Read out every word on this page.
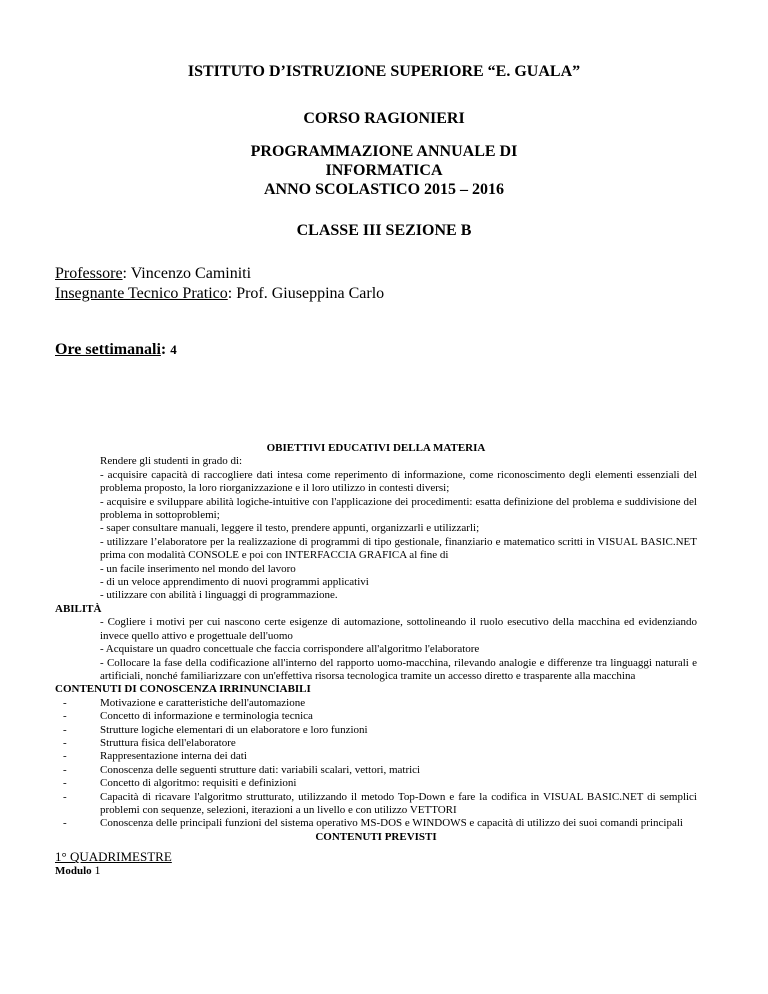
ISTITUTO D’ISTRUZIONE SUPERIORE “E. GUALA”
CORSO RAGIONIERI
PROGRAMMAZIONE ANNUALE DI
INFORMATICA
ANNO SCOLASTICO 2015 – 2016
CLASSE III SEZIONE B
Professore: Vincenzo Caminiti
Insegnante Tecnico Pratico: Prof. Giuseppina Carlo
Ore settimanali: 4
OBIETTIVI EDUCATIVI DELLA MATERIA
Rendere gli studenti in grado di:
- acquisire capacità di raccogliere dati intesa come reperimento di informazione, come riconoscimento degli elementi essenziali del problema proposto, la loro riorganizzazione e il loro utilizzo in contesti diversi;
- acquisire e sviluppare abilità logiche-intuitive con l'applicazione dei procedimenti: esatta definizione del problema e suddivisione del problema in sottoproblemi;
- saper consultare manuali, leggere il testo, prendere appunti, organizzarli e utilizzarli;
- utilizzare l’elaboratore per la realizzazione di programmi di tipo gestionale, finanziario e matematico scritti in VISUAL BASIC.NET prima con modalità CONSOLE e poi con INTERFACCIA GRAFICA al fine di
- un facile inserimento nel mondo del lavoro
- di un veloce apprendimento di nuovi programmi applicativi
- utilizzare con abilità i linguaggi di programmazione.
ABILITÀ
- Cogliere i motivi per cui nascono certe esigenze di automazione, sottolineando il ruolo esecutivo della macchina ed evidenziando invece quello attivo e progettuale dell'uomo
- Acquistare un quadro concettuale che faccia corrispondere all'algoritmo l'elaboratore
- Collocare la fase della codificazione all'interno del rapporto uomo-macchina, rilevando analogie e differenze tra linguaggi naturali e artificiali, nonché familiarizzare con un'effettiva risorsa tecnologica tramite un accesso diretto e trasparente alla macchina
CONTENUTI DI CONOSCENZA IRRINUNCIABILI
-	Motivazione e caratteristiche dell'automazione
-	Concetto di informazione e terminologia tecnica
-	Strutture logiche elementari di un elaboratore e loro funzioni
-	Struttura fisica dell'elaboratore
-	Rappresentazione interna dei dati
-	Conoscenza delle seguenti strutture dati: variabili scalari, vettori, matrici
-	Concetto di algoritmo: requisiti e definizioni
-	Capacità di ricavare l'algoritmo strutturato, utilizzando il metodo Top-Down e fare la codifica in VISUAL BASIC.NET di semplici problemi con sequenze, selezioni, iterazioni a un livello e con utilizzo VETTORI
-	Conoscenza delle principali funzioni del sistema operativo MS-DOS e WINDOWS e capacità di utilizzo dei suoi comandi principali
CONTENUTI PREVISTI
1° QUADRIMESTRE
Modulo 1
